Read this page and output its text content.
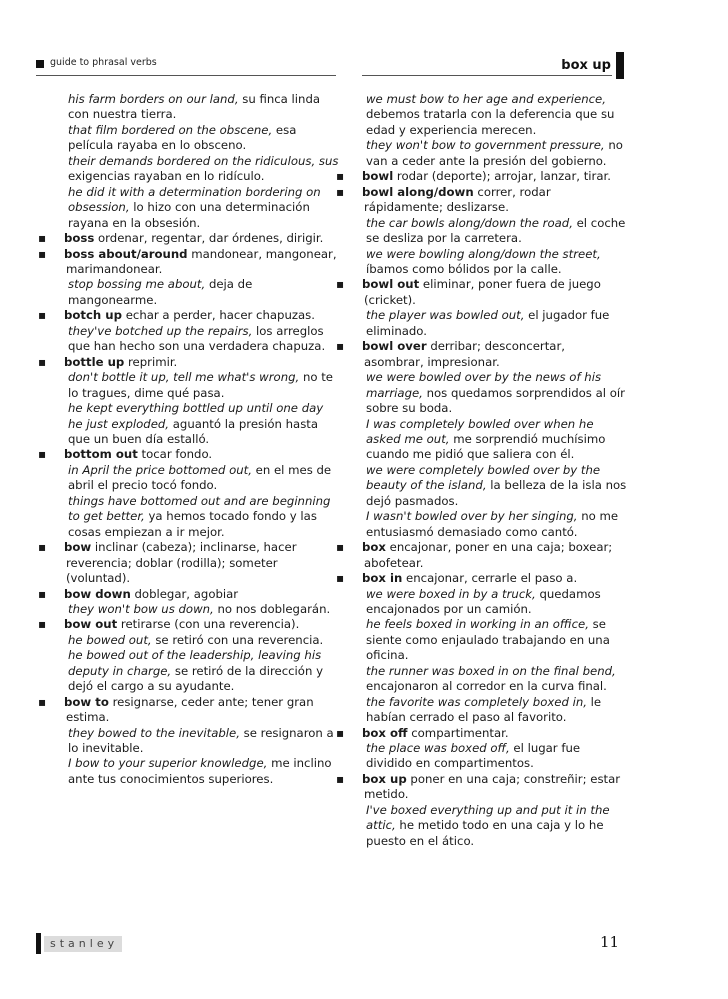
guide to phrasal verbs	box up
his farm borders on our land, su finca linda con nuestra tierra.
that film bordered on the obscene, esa película rayaba en lo obsceno.
their demands bordered on the ridiculous, sus exigencias rayaban en lo ridículo.
he did it with a determination bordering on obsession, lo hizo con una determinación rayana en la obsesión.
▪ boss ordenar, regentar, dar órdenes, dirigir.
▪ boss about/around mandonear, mangonear, marimandonear.
stop bossing me about, deja de mangonearme.
▪ botch up echar a perder, hacer chapuzas.
they've botched up the repairs, los arreglos que han hecho son una verdadera chapuza.
▪ bottle up reprimir.
don't bottle it up, tell me what's wrong, no te lo tragues, dime qué pasa.
he kept everything bottled up until one day he just exploded, aguantó la presión hasta que un buen día estalló.
▪ bottom out tocar fondo.
in April the price bottomed out, en el mes de abril el precio tocó fondo.
things have bottomed out and are beginning to get better, ya hemos tocado fondo y las cosas empiezan a ir mejor.
▪ bow inclinar (cabeza); inclinarse, hacer reverencia; doblar (rodilla); someter (voluntad).
▪ bow down doblegar, agobiar
they won't bow us down, no nos doblegarán.
▪ bow out retirarse (con una reverencia).
he bowed out, se retiró con una reverencia.
he bowed out of the leadership, leaving his deputy in charge, se retiró de la dirección y dejó el cargo a su ayudante.
▪ bow to resignarse, ceder ante; tener gran estima.
they bowed to the inevitable, se resignaron a lo inevitable.
I bow to your superior knowledge, me inclino ante tus conocimientos superiores.
we must bow to her age and experience, debemos tratarla con la deferencia que su edad y experiencia merecen.
they won't bow to government pressure, no van a ceder ante la presión del gobierno.
▪ bowl rodar (deporte); arrojar, lanzar, tirar.
▪ bowl along/down correr, rodar rápidamente; deslizarse.
the car bowls along/down the road, el coche se desliza por la carretera.
we were bowling along/down the street, íbamos como bólidos por la calle.
▪ bowl out eliminar, poner fuera de juego (cricket).
the player was bowled out, el jugador fue eliminado.
▪ bowl over derribar; desconcertar, asombrar, impresionar.
we were bowled over by the news of his marriage, nos quedamos sorprendidos al oír sobre su boda.
I was completely bowled over when he asked me out, me sorprendió muchísimo cuando me pidió que saliera con él.
we were completely bowled over by the beauty of the island, la belleza de la isla nos dejó pasmados.
I wasn't bowled over by her singing, no me entusiasmó demasiado como cantó.
▪ box encajonar, poner en una caja; boxear; abofetear.
▪ box in encajonar, cerrarle el paso a.
we were boxed in by a truck, quedamos encajonados por un camión.
he feels boxed in working in an office, se siente como enjaulado trabajando en una oficina.
the runner was boxed in on the final bend, encajonaron al corredor en la curva final.
the favorite was completely boxed in, le habían cerrado el paso al favorito.
▪ box off compartimentar.
the place was boxed off, el lugar fue dividido en compartimentos.
▪ box up poner en una caja; constreñir; estar metido.
I've boxed everything up and put it in the attic, he metido todo en una caja y lo he puesto en el ático.
stanley	11
